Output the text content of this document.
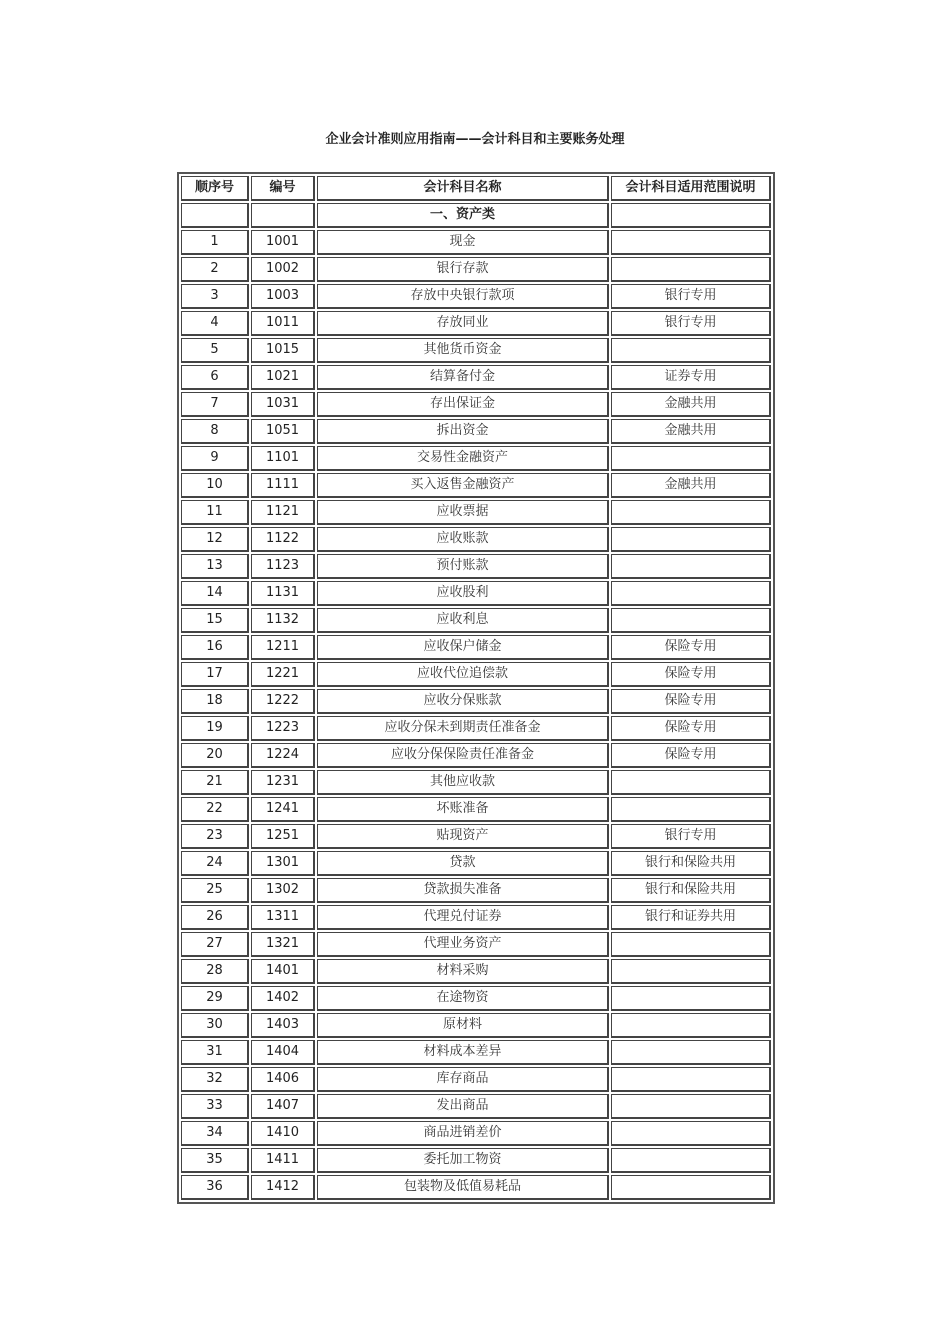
企业会计准则应用指南——会计科目和主要账务处理
顺序号	编号	会计科目名称	会计科目适用范围说明
		一、资产类	
1	1001	现金	
2	1002	银行存款	
3	1003	存放中央银行款项	银行专用
4	1011	存放同业	银行专用
5	1015	其他货币资金	
6	1021	结算备付金	证券专用
7	1031	存出保证金	金融共用
8	1051	拆出资金	金融共用
9	1101	交易性金融资产	
10	1111	买入返售金融资产	金融共用
11	1121	应收票据	
12	1122	应收账款	
13	1123	预付账款	
14	1131	应收股利	
15	1132	应收利息	
16	1211	应收保户储金	保险专用
17	1221	应收代位追偿款	保险专用
18	1222	应收分保账款	保险专用
19	1223	应收分保未到期责任准备金	保险专用
20	1224	应收分保保险责任准备金	保险专用
21	1231	其他应收款	
22	1241	坏账准备	
23	1251	贴现资产	银行专用
24	1301	贷款	银行和保险共用
25	1302	贷款损失准备	银行和保险共用
26	1311	代理兑付证券	银行和证券共用
27	1321	代理业务资产	
28	1401	材料采购	
29	1402	在途物资	
30	1403	原材料	
31	1404	材料成本差异	
32	1406	库存商品	
33	1407	发出商品	
34	1410	商品进销差价	
35	1411	委托加工物资	
36	1412	包装物及低值易耗品	
